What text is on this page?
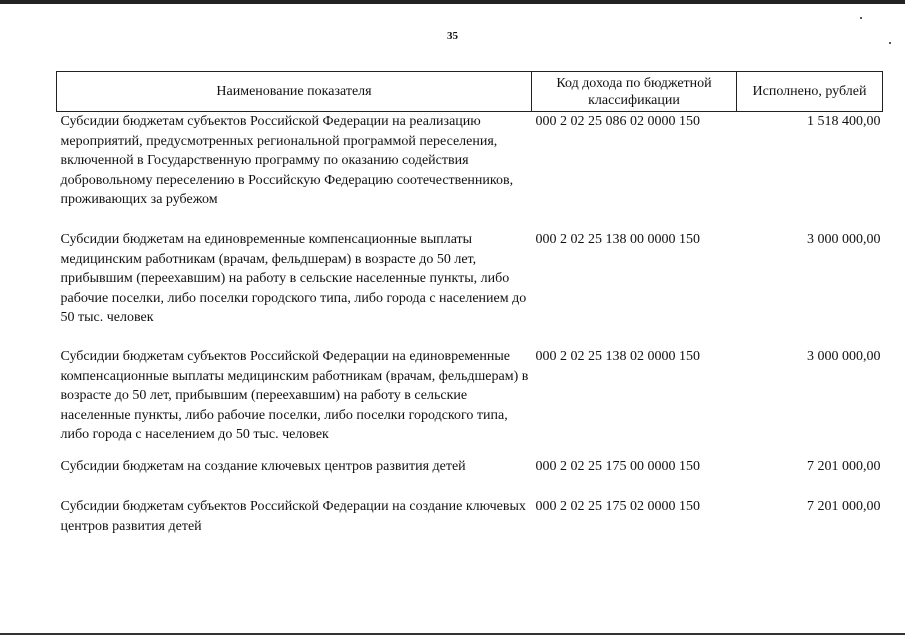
35
Наименование показателя	Код дохода по бюджетной классификации	Исполнено, рублей
Субсидии бюджетам субъектов Российской Федерации на реализацию мероприятий, предусмотренных региональной программой переселения, включенной в Государственную программу по оказанию содействия добровольному переселению в Российскую Федерацию соотечественников, проживающих за рубежом	000 2 02 25 086 02 0000 150	1 518 400,00
Субсидии бюджетам на единовременные компенсационные выплаты медицинским работникам (врачам, фельдшерам) в возрасте до 50 лет, прибывшим (переехавшим) на работу в сельские населенные пункты, либо рабочие поселки, либо поселки городского типа, либо города с населением до 50 тыс. человек	000 2 02 25 138 00 0000 150	3 000 000,00
Субсидии бюджетам субъектов Российской Федерации на единовременные компенсационные выплаты медицинским работникам (врачам, фельдшерам) в возрасте до 50 лет, прибывшим (переехавшим) на работу в сельские населенные пункты, либо рабочие поселки, либо поселки городского типа, либо города с населением до 50 тыс. человек	000 2 02 25 138 02 0000 150	3 000 000,00
Субсидии бюджетам на создание ключевых центров развития детей	000 2 02 25 175 00 0000 150	7 201 000,00
Субсидии бюджетам субъектов Российской Федерации на создание ключевых центров развития детей	000 2 02 25 175 02 0000 150	7 201 000,00
